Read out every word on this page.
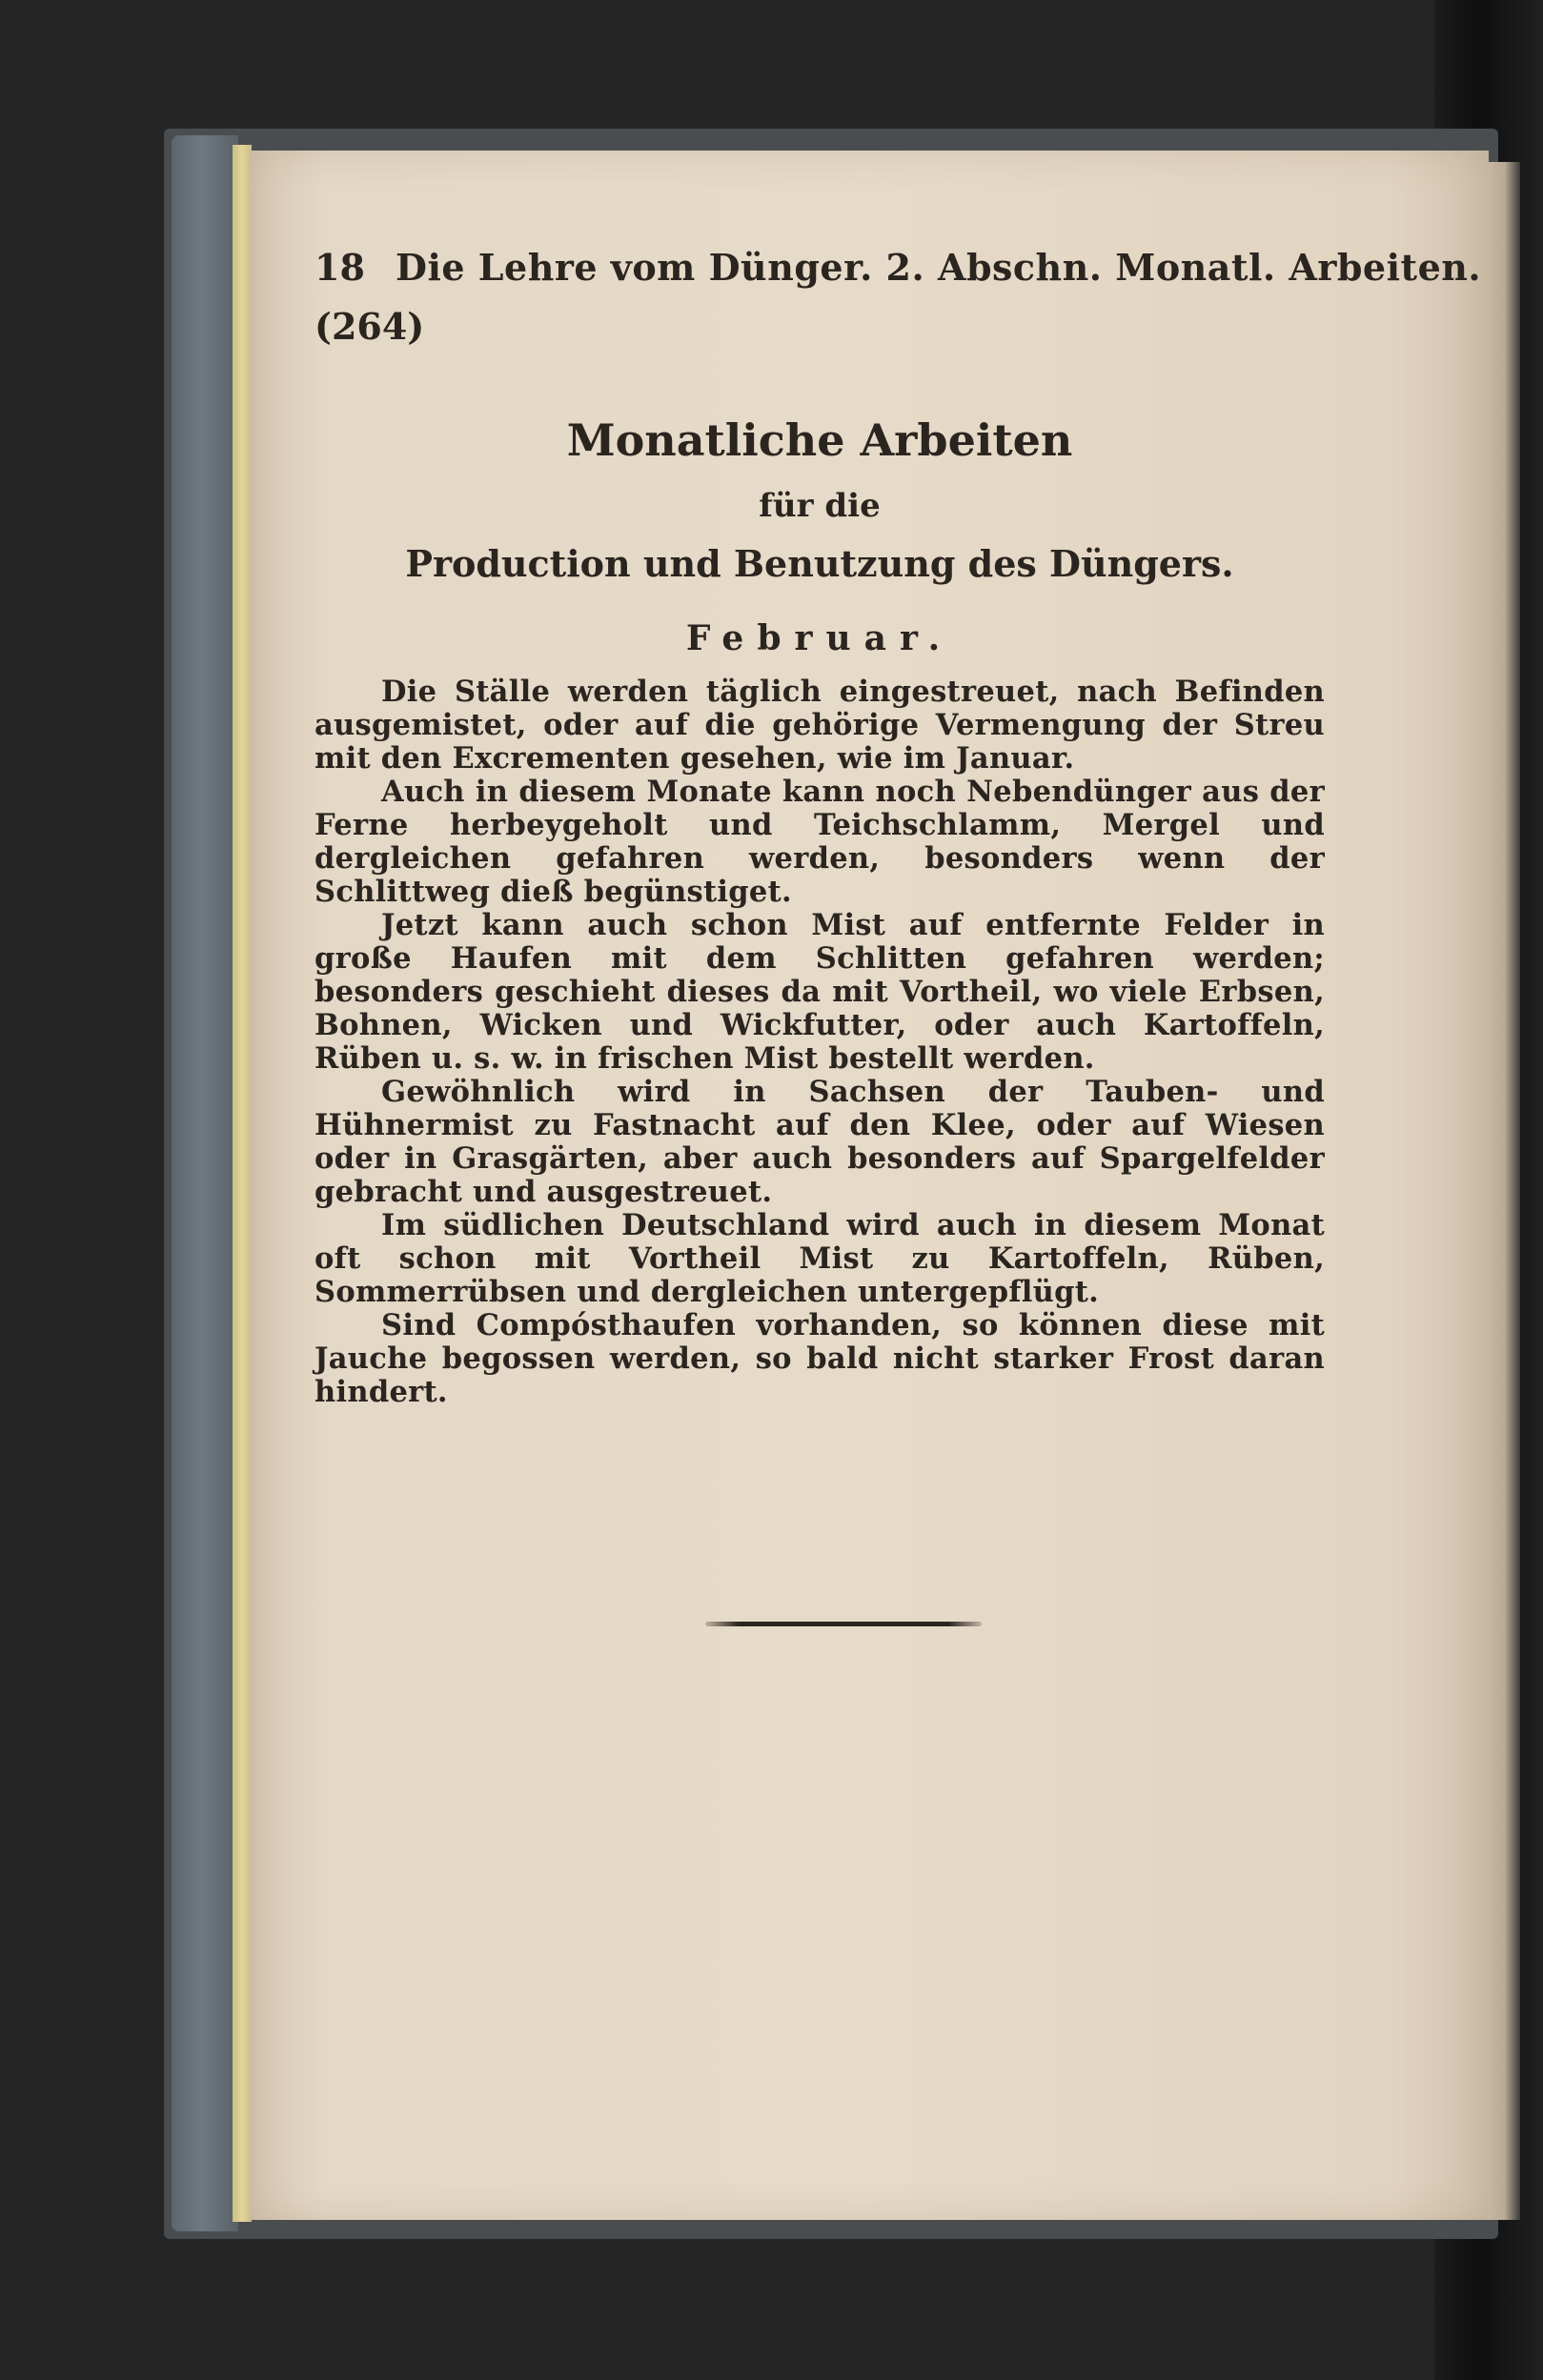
18 Die Lehre vom Dünger. 2. Abschn. Monatl. Arbeiten.
(264)
Monatliche Arbeiten
für die
Production und Benutzung des Düngers.
Februar.

Die Ställe werden täglich eingestreuet, nach Befinden ausgemistet, oder auf die gehörige Vermengung der Streu mit den Excrementen gesehen, wie im Januar.

Auch in diesem Monate kann noch Nebendünger aus der Ferne herbeygeholt und Teichschlamm, Mergel und dergleichen gefahren werden, besonders wenn der Schlittweg dieß begünstiget.

Jetzt kann auch schon Mist auf entfernte Felder in große Haufen mit dem Schlitten gefahren werden; besonders geschieht dieses da mit Vortheil, wo viele Erbsen, Bohnen, Wicken und Wickfutter, oder auch Kartoffeln, Rüben u. s. w. in frischen Mist bestellt werden.

Gewöhnlich wird in Sachsen der Tauben- und Hühnermist zu Fastnacht auf den Klee, oder auf Wiesen oder in Grasgärten, aber auch besonders auf Spargelfelder gebracht und ausgestreuet.

Im südlichen Deutschland wird auch in diesem Monat oft schon mit Vortheil Mist zu Kartoffeln, Rüben, Sommerrübsen und dergleichen untergepflügt.

Sind Compósthaufen vorhanden, so können diese mit Jauche begossen werden, so bald nicht starker Frost daran hindert.
